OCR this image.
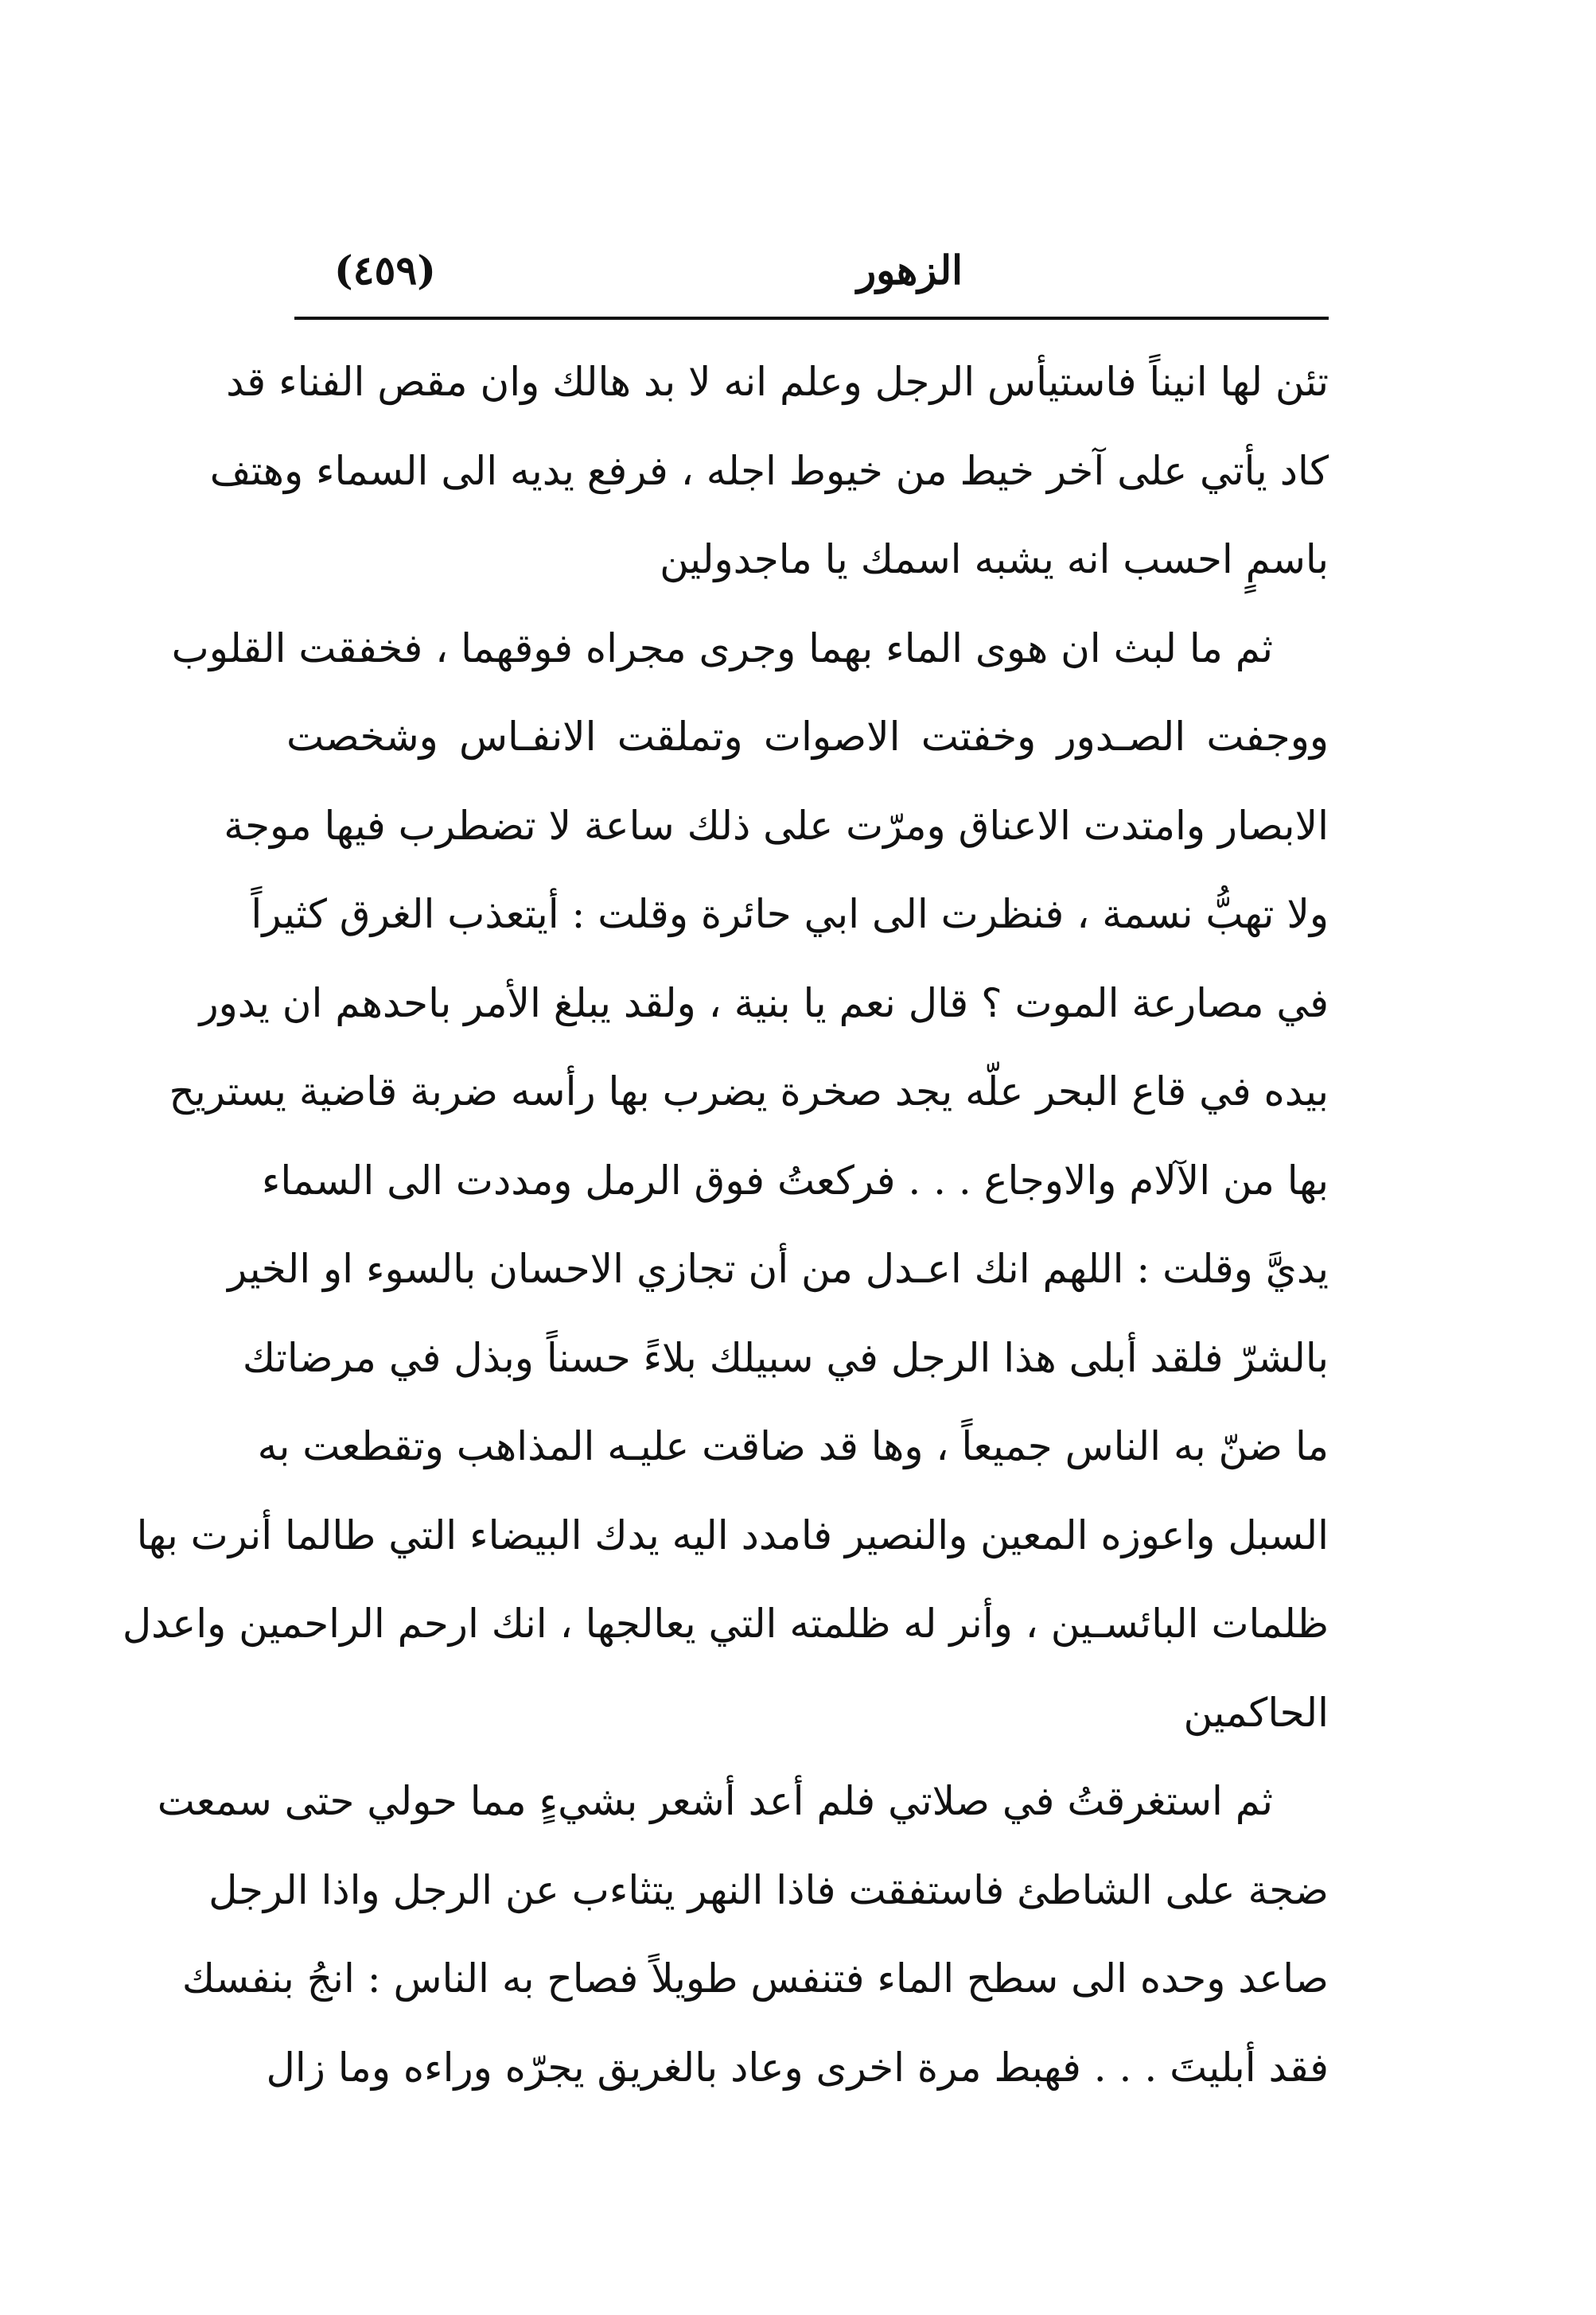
الزهور
(٤٥٩)
تئن لها انيناً فاستيأس الرجل وعلم انه لا بد هالك وان مقص الفناء قد
كاد يأتي على آخر خيط من خيوط اجله ، فرفع يديه الى السماء وهتف
باسمٍ احسب انه يشبه اسمك يا ماجدولين
ثم ما لبث ان هوى الماء بهما وجرى مجراه فوقهما ، فخفقت القلوب
ووجفت الصـدور وخفتت الاصوات وتملقت الانفـاس وشخصت
الابصار وامتدت الاعناق ومرّت على ذلك ساعة لا تضطرب فيها موجة
ولا تهبُّ نسمة ، فنظرت الى ابي حائرة وقلت : أيتعذب الغرق كثيراً
في مصارعة الموت ؟ قال نعم يا بنية ، ولقد يبلغ الأمر باحدهم ان يدور
بيده في قاع البحر علّه يجد صخرة يضرب بها رأسه ضربة قاضية يستريح
بها من الآلام والاوجاع . . . فركعتُ فوق الرمل ومددت الى السماء
يديَّ وقلت : اللهم انك اعـدل من أن تجازي الاحسان بالسوء او الخير
بالشرّ فلقد أبلى هذا الرجل في سبيلك بلاءً حسناً وبذل في مرضاتك
ما ضنّ به الناس جميعاً ، وها قد ضاقت عليـه المذاهب وتقطعت به
السبل واعوزه المعين والنصير فامدد اليه يدك البيضاء التي طالما أنرت بها
ظلمات البائسـين ، وأنر له ظلمته التي يعالجها ، انك ارحم الراحمين واعدل
الحاكمين
ثم استغرقتُ في صلاتي فلم أعد أشعر بشيءٍ مما حولي حتى سمعت
ضجة على الشاطئ فاستفقت فاذا النهر يتثاءب عن الرجل واذا الرجل
صاعد وحده الى سطح الماء فتنفس طويلاً فصاح به الناس : انجُ بنفسك
فقد أبليتَ . . . فهبط مرة اخرى وعاد بالغريق يجرّه وراءه وما زال
